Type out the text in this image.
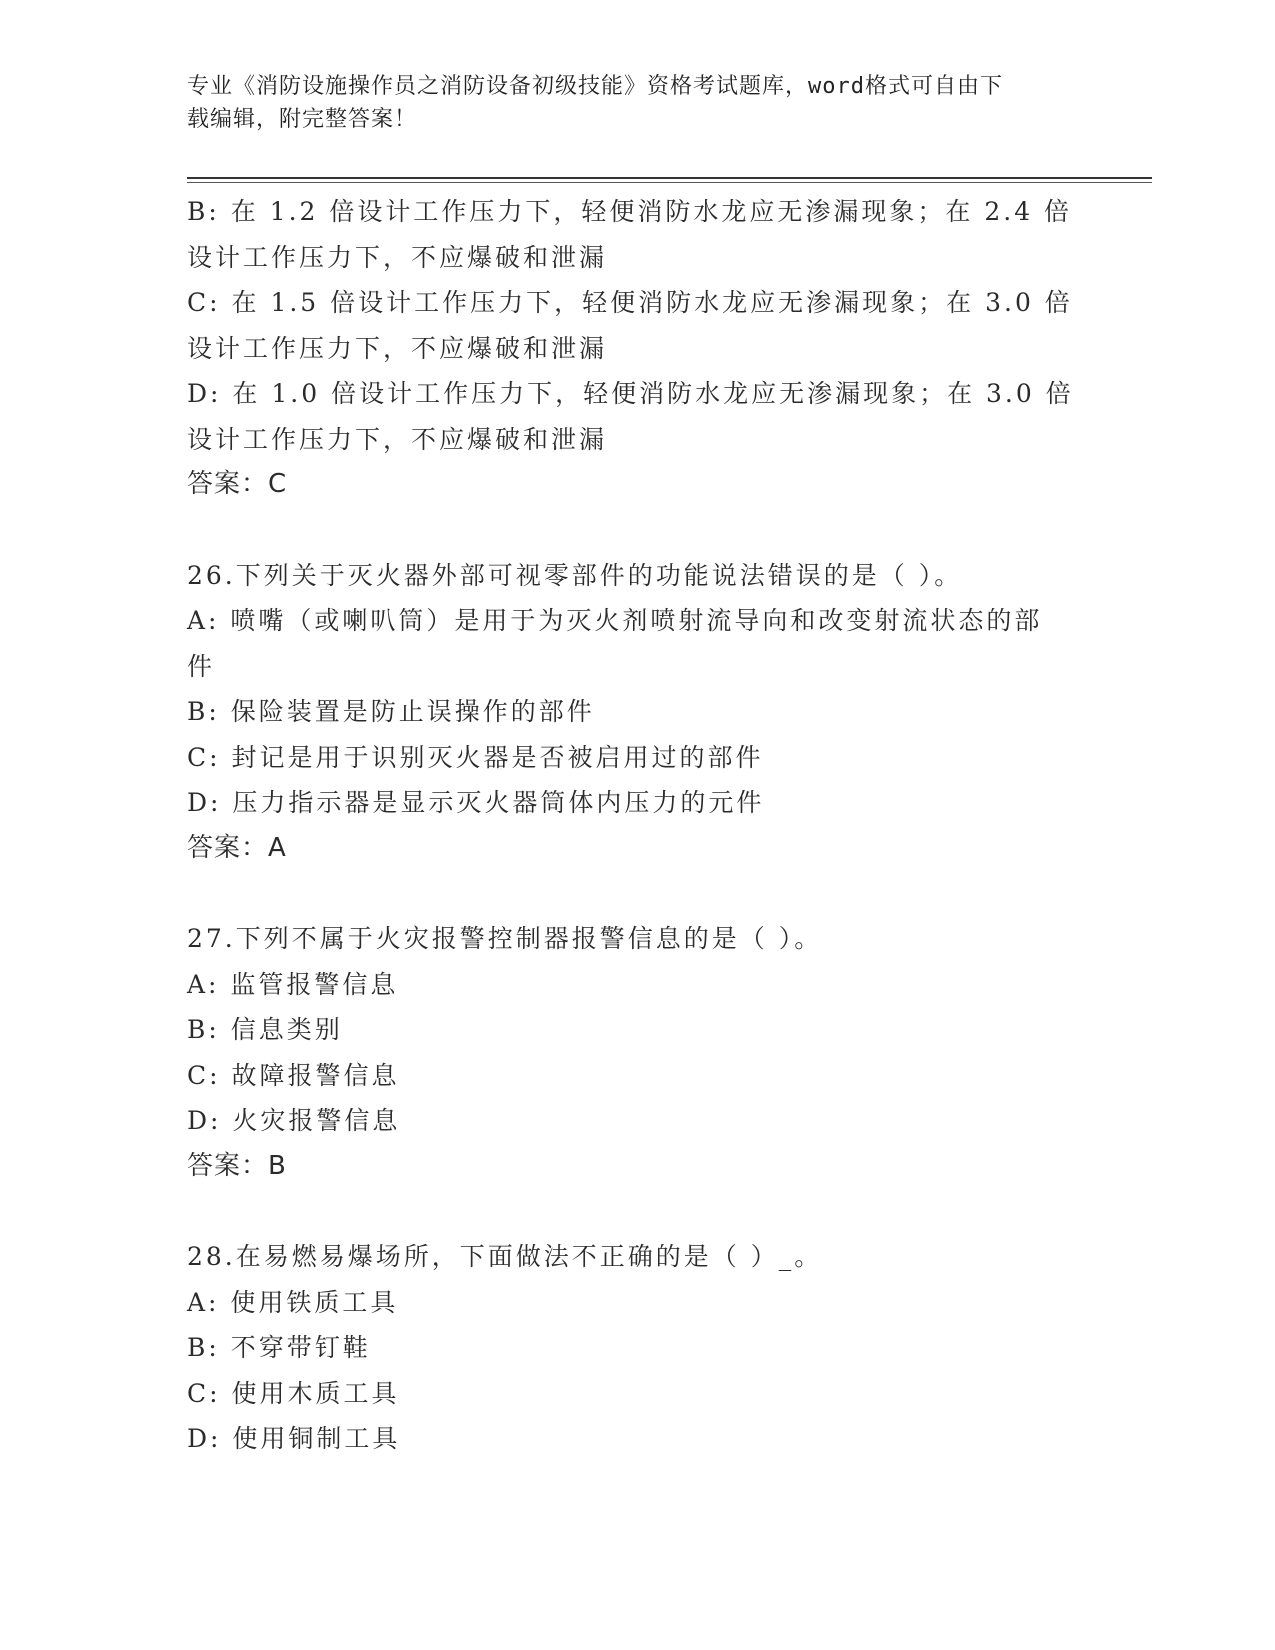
专业《消防设施操作员之消防设备初级技能》资格考试题库，word格式可自由下
载编辑，附完整答案！

B: 在 1.2 倍设计工作压力下，轻便消防水龙应无渗漏现象；在 2.4 倍

设计工作压力下，不应爆破和泄漏

C: 在 1.5 倍设计工作压力下，轻便消防水龙应无渗漏现象；在 3.0 倍

设计工作压力下，不应爆破和泄漏

D: 在 1.0 倍设计工作压力下，轻便消防水龙应无渗漏现象；在 3.0 倍

设计工作压力下，不应爆破和泄漏

答案：C

26.下列关于灭火器外部可视零部件的功能说法错误的是（ ）。

A: 喷嘴（或喇叭筒）是用于为灭火剂喷射流导向和改变射流状态的部

件

B: 保险装置是防止误操作的部件

C: 封记是用于识别灭火器是否被启用过的部件

D: 压力指示器是显示灭火器筒体内压力的元件

答案：A

27.下列不属于火灾报警控制器报警信息的是（ ）。

A: 监管报警信息

B: 信息类别

C: 故障报警信息

D: 火灾报警信息

答案：B

28.在易燃易爆场所，下面做法不正确的是（ ）_。

A: 使用铁质工具

B: 不穿带钉鞋

C: 使用木质工具

D: 使用铜制工具
